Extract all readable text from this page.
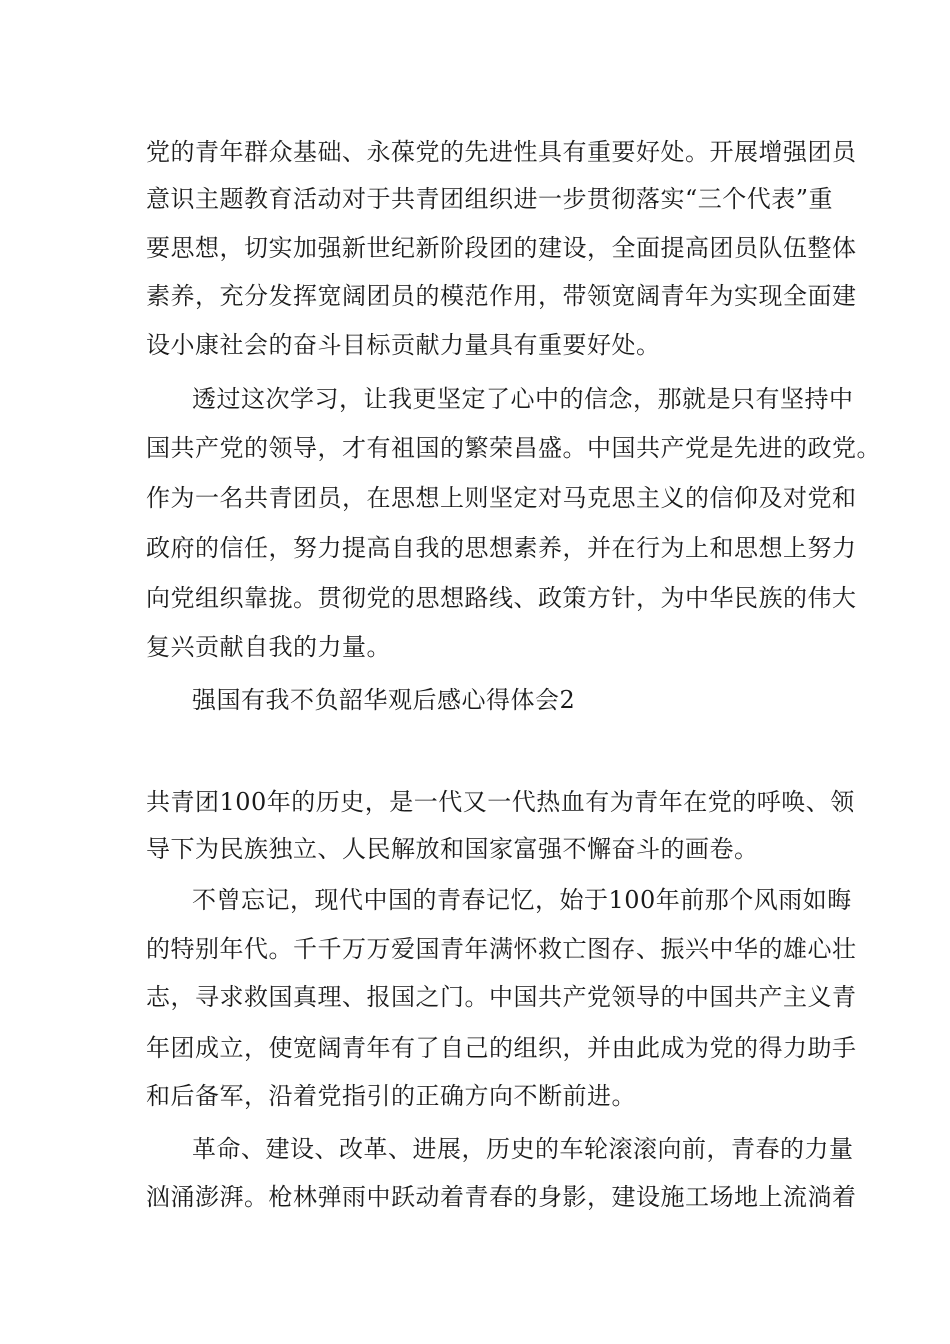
党的青年群众基础、永葆党的先进性具有重要好处。开展增强团员
意识主题教育活动对于共青团组织进一步贯彻落实“三个代表”重
要思想，切实加强新世纪新阶段团的建设，全面提高团员队伍整体
素养，充分发挥宽阔团员的模范作用，带领宽阔青年为实现全面建
设小康社会的奋斗目标贡献力量具有重要好处。
透过这次学习，让我更坚定了心中的信念，那就是只有坚持中
国共产党的领导，才有祖国的繁荣昌盛。中国共产党是先进的政党。
作为一名共青团员，在思想上则坚定对马克思主义的信仰及对党和
政府的信任，努力提高自我的思想素养，并在行为上和思想上努力
向党组织靠拢。贯彻党的思想路线、政策方针，为中华民族的伟大
复兴贡献自我的力量。
强国有我不负韶华观后感心得体会2
共青团100年的历史，是一代又一代热血有为青年在党的呼唤、领
导下为民族独立、人民解放和国家富强不懈奋斗的画卷。
不曾忘记，现代中国的青春记忆，始于100年前那个风雨如晦
的特别年代。千千万万爱国青年满怀救亡图存、振兴中华的雄心壮
志，寻求救国真理、报国之门。中国共产党领导的中国共产主义青
年团成立，使宽阔青年有了自己的组织，并由此成为党的得力助手
和后备军，沿着党指引的正确方向不断前进。
革命、建设、改革、进展，历史的车轮滚滚向前，青春的力量
汹涌澎湃。枪林弹雨中跃动着青春的身影，建设施工场地上流淌着
